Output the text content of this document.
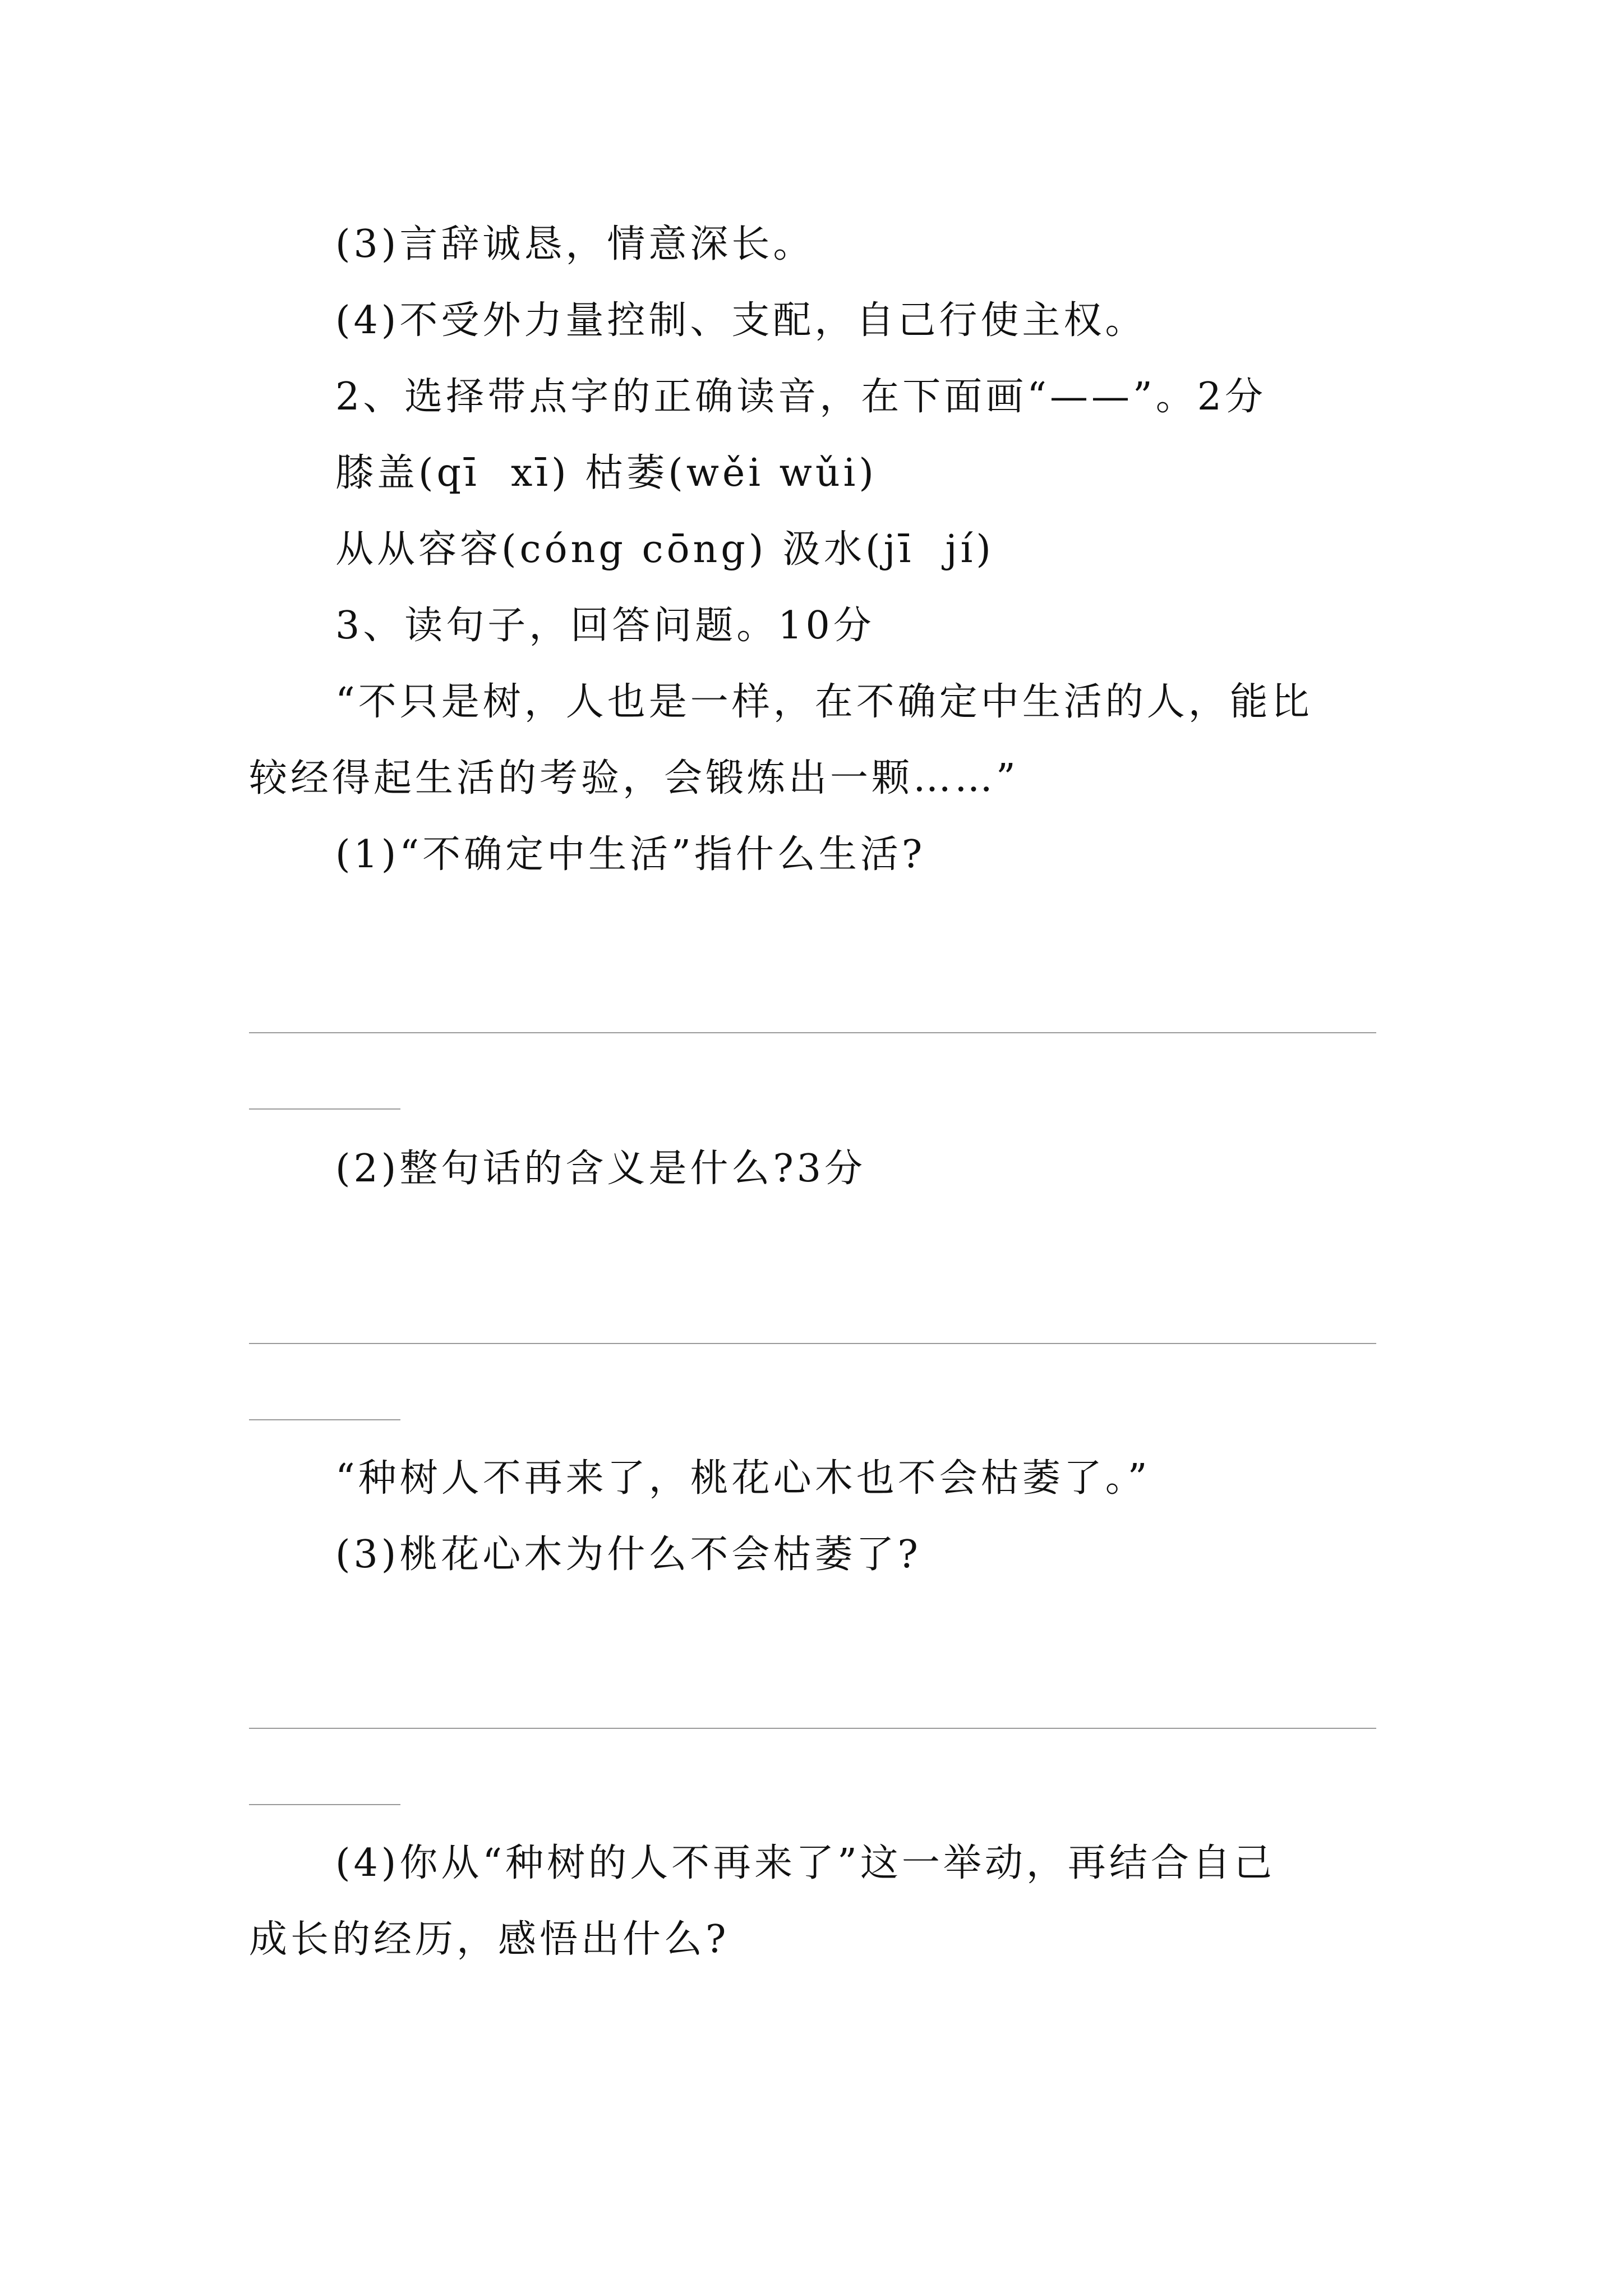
(3)言辞诚恳，情意深长。
(4)不受外力量控制、支配，自己行使主权。
2、选择带点字的正确读音，在下面画“——”。2分
膝盖(qī  xī) 枯萎(wěi wǔi)
从从容容(cóng cōng) 汲水(jī  jí)
3、读句子，回答问题。10分
“不只是树，人也是一样，在不确定中生活的人，能比
较经得起生活的考验，会锻炼出一颗……”
(1)“不确定中生活”指什么生活?
(2)整句话的含义是什么?3分
“种树人不再来了，桃花心木也不会枯萎了。”
(3)桃花心木为什么不会枯萎了?
(4)你从“种树的人不再来了”这一举动，再结合自己
成长的经历，感悟出什么?
